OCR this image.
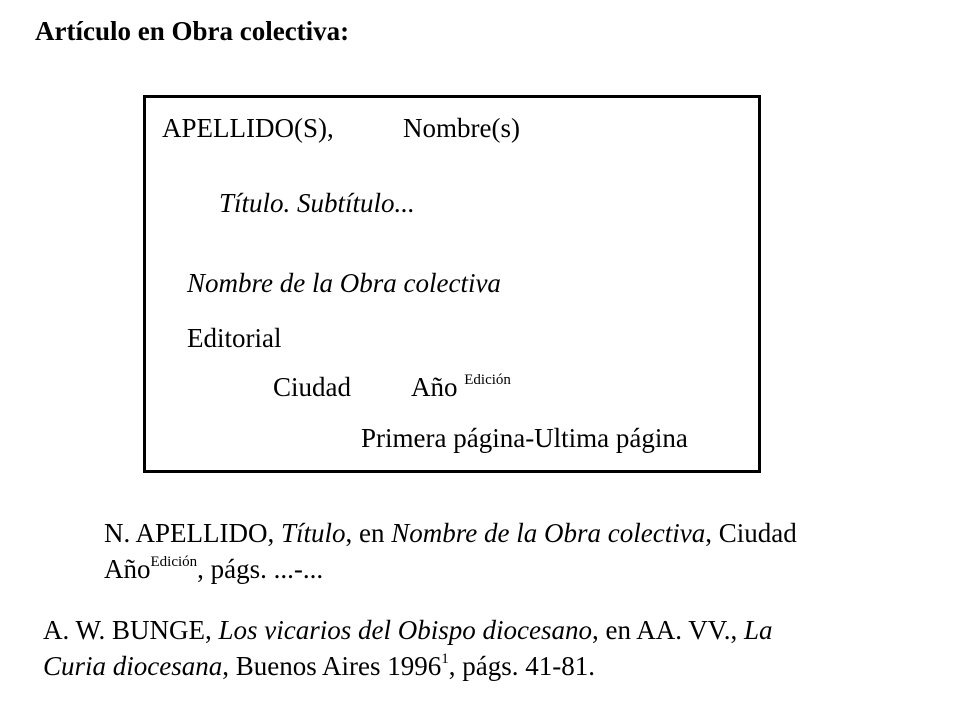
Artículo en Obra colectiva:
APELLIDO(S),	Nombre(s)
Título. Subtítulo...
Nombre de la Obra colectiva
Editorial
Ciudad Año $^{Edición}$
Primera página-Ultima página
N. APELLIDO, Título, en Nombre de la Obra colectiva, Ciudad
Año$^{Edición}$, págs. ...-...
A. W. BUNGE, Los vicarios del Obispo diocesano, en AA. VV., La
Curia diocesana, Buenos Aires 1996$^1$, págs. 41-81.
